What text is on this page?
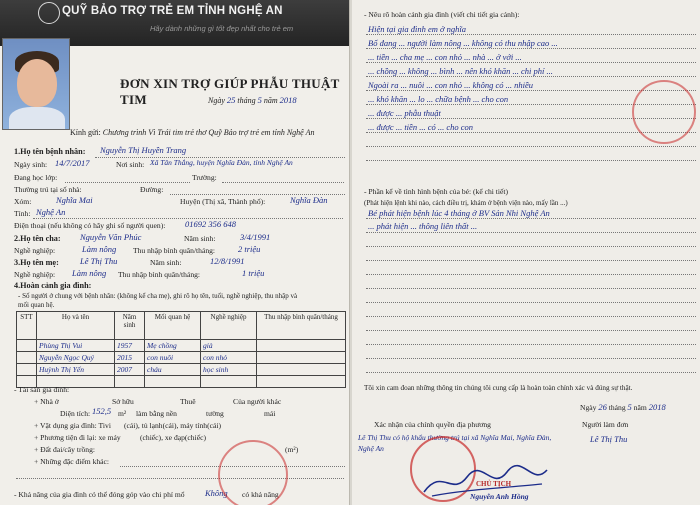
QUỸ BẢO TRỢ TRẺ EM TỈNH NGHỆ AN
Hãy dành những gì tốt đẹp nhất cho trẻ em
ĐƠN XIN TRỢ GIÚP PHẪU THUẬT TIM	Ngày 25 tháng 5 năm 2018
Kính gửi: Chương trình Vì Trái tim trẻ thơ Quỹ Bảo trợ trẻ em tỉnh Nghệ An
1.Họ tên bệnh nhân: Nguyễn Thị Huyền Trang
Ngày sinh: 14/7/2017	Nơi sinh: Xã Tân Thắng, huyện Nghĩa Đàn, tỉnh Nghệ An
Đang học lớp:	Trường:
Thường trú tại số nhà:	Đường:
Xóm:	Nghĩa Mai	Huyện (Thị xã, Thành phố):	Nghĩa Đàn
Tỉnh: Nghệ An
Điện thoại (nếu không có hãy ghi số người quen): 01692 356 648
2.Họ tên cha: Nguyễn Văn Phúc	Năm sinh:	3/4/1991
Nghề nghiệp:	Làm nông Thu nhập bình quân/tháng:	2 triệu
3.Họ tên mẹ: Lê Thị Thu	Năm sinh:	12/8/1991
Nghề nghiệp: Làm nông Thu nhập bình quân/tháng:	1 triệu
4.Hoàn cảnh gia đình:
- Số người ở chung với bệnh nhân: (không kể cha mẹ), ghi rõ họ tên, tuổi, nghề nghiệp, thu nhập và
mối quan hệ.
STT	Họ và tên	Năm sinh	Mối quan hệ	Nghề nghiệp	Thu nhập bình quân/tháng
	Phùng Thị Vui	1957	Mẹ chồng	già	
	Nguyễn Ngọc Quý	2015	con nuôi	con nhỏ	
	Huỳnh Thị Yến	2007	cháu	học sinh	

- Tài sản gia đình:
+ Nhà ở	Sở hữu	Thuê	Của người khác
Diện tích: 152,5 m² làm bằng nền	tường	mái
+ Vật dụng gia đình: Tivi (cái), tủ lạnh(cái), máy tính(cái)
+ Phương tiện đi lại: xe máy	(chiếc), xe đạp(chiếc)
+ Đất đai/cây trồng:	(m²)
+ Những đặc điểm khác:
- Khả năng của gia đình có thể đóng góp vào chi phí mổ Không có khả năng
- Nêu rõ hoàn cảnh gia đình (viết chi tiết gia cảnh):
Hiện tại gia đình em ở nghĩa
Bố đang ... người làm nông ... không có thu nhập cao ...
... tiền ... cha mẹ ... con nhỏ ... nhà ... ở với ...
... chồng ... không ... bình ... nên khó khăn ... chi phí ...
Ngoài ra ... nuôi ... con nhỏ ... không có ... nhiều
... khó khăn ... lo ... chữa bệnh ... cho con
... được ... phẫu thuật
... được ... tiền ... có ... cho con
- Phần kể về tình hình bệnh của bé: (kể chi tiết)
(Phát hiện lệnh khi nào, cách điều trị, khám ở bệnh viện nào, mấy lần ...)
Bé phát hiện bệnh lúc 4 tháng ở BV Sản Nhi Nghệ An
... phát hiện ... thông liên thất ...
Tôi xin cam đoan những thông tin chúng tôi cung cấp là hoàn toàn chính xác và đúng sự thật.
Ngày 26 tháng 5 năm 2018
Xác nhận của chính quyền địa phương	Người làm đơn
Lê Thị Thu có hộ khẩu thường trú tại xã Nghĩa Mai, Nghĩa Đàn, Nghệ An
Lê Thị Thu
CHỦ TỊCH
Nguyễn Anh Hồng
